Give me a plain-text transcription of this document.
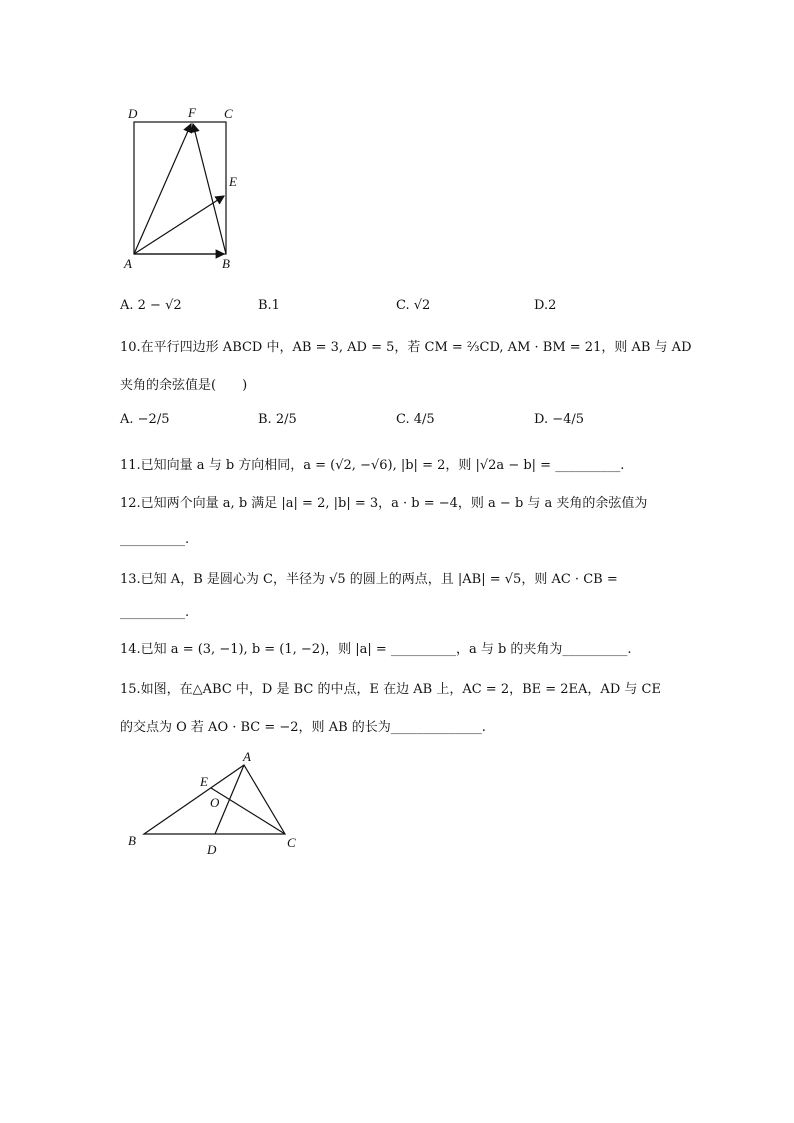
D	F C
E
A	B
A. 2 − √2	B.1	C. √2	D.2
10.在平行四边形 ABCD 中，AB = 3, AD = 5，若 CM = ⅔CD, AM · BM = 21，则 AB 与 AD
夹角的余弦值是(　　)
A. −2/5	B. 2/5	C. 4/5	D. −4/5
11.已知向量 a 与 b 方向相同，a = (√2, −√6), |b| = 2，则 |√2a − b| = __________.
12.已知两个向量 a, b 满足 |a| = 2, |b| = 3，a · b = −4，则 a − b 与 a 夹角的余弦值为
__________.
13.已知 A，B 是圆心为 C，半径为 √5 的圆上的两点，且 |AB| = √5，则 AC · CB =
__________.
14.已知 a = (3, −1), b = (1, −2)，则 |a| = __________，a 与 b 的夹角为__________.
15.如图，在△ABC 中，D 是 BC 的中点，E 在边 AB 上，AC = 2，BE = 2EA，AD 与 CE
的交点为 O 若 AO · BC = −2，则 AB 的长为______________.
A
E
O
B
D	C
